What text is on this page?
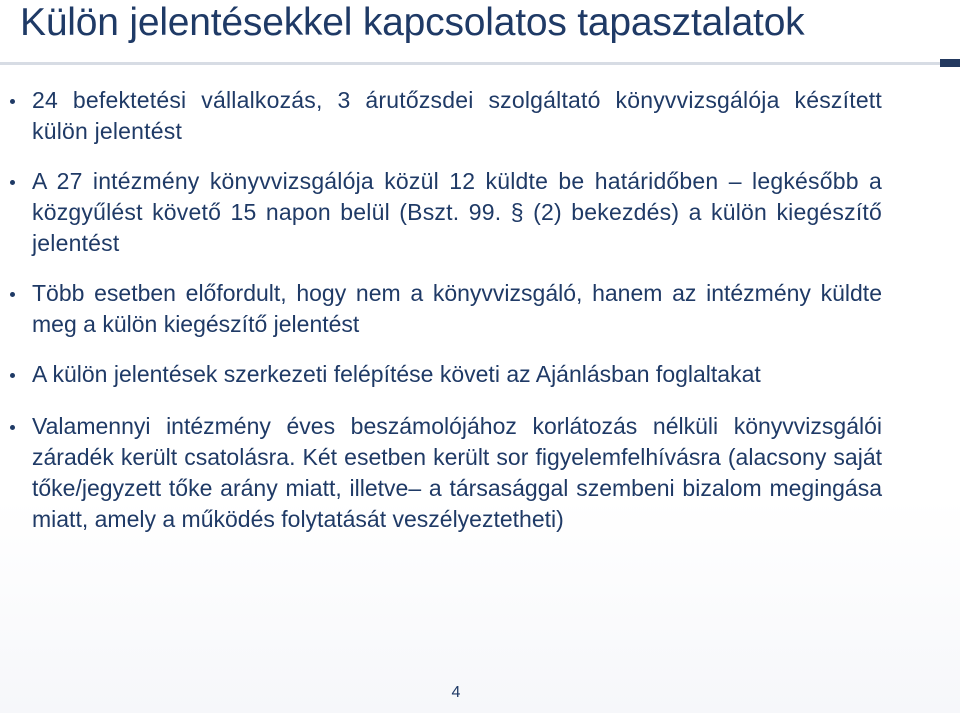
Külön jelentésekkel kapcsolatos tapasztalatok
24 befektetési vállalkozás, 3 árutőzsdei szolgáltató könyvvizsgálója készített külön jelentést
A 27 intézmény könyvvizsgálója közül 12 küldte be határidőben – legkésőbb a közgyűlést követő 15 napon belül (Bszt. 99. § (2) bekezdés) a külön kiegészítő jelentést
Több esetben előfordult, hogy nem a könyvvizsgáló, hanem az intézmény küldte meg a külön kiegészítő jelentést
A külön jelentések szerkezeti felépítése követi az Ajánlásban foglaltakat
Valamennyi intézmény éves beszámolójához korlátozás nélküli könyvvizsgálói záradék került csatolásra. Két esetben került sor figyelemfelhívásra (alacsony saját tőke/jegyzett tőke arány miatt, illetve– a társasággal szembeni bizalom megingása miatt, amely a működés folytatását veszélyeztetheti)
4
